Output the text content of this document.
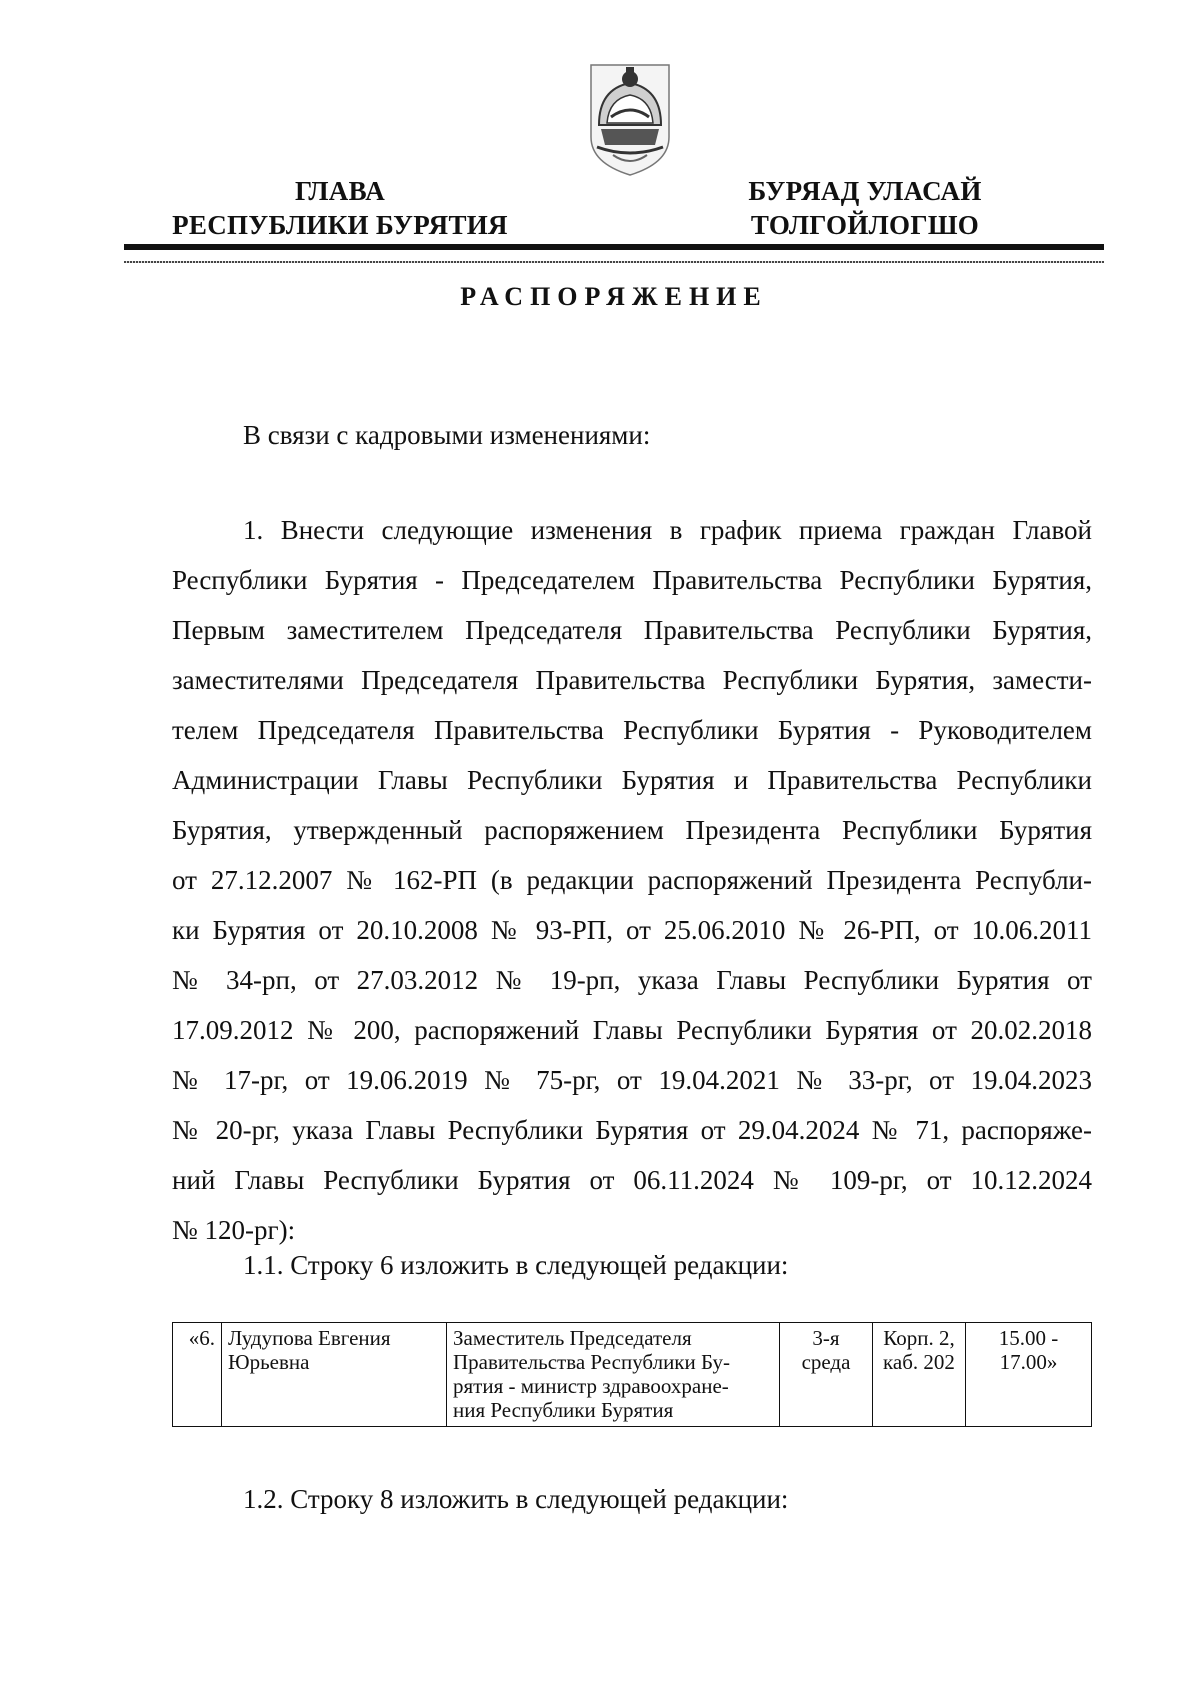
ГЛАВА
РЕСПУБЛИКИ БУРЯТИЯ
БУРЯАД УЛАСАЙ
ТОЛГОЙЛОГШО
РАСПОРЯЖЕНИЕ
В связи с кадровыми изменениями:
1. Внести следующие изменения в график приема граждан Главой
Республики Бурятия - Председателем Правительства Республики Бурятия,
Первым заместителем Председателя Правительства Республики Бурятия,
заместителями Председателя Правительства Республики Бурятия, замести-
телем Председателя Правительства Республики Бурятия - Руководителем
Администрации Главы Республики Бурятия и Правительства Республики
Бурятия, утвержденный распоряжением Президента Республики Бурятия
от 27.12.2007 № 162-РП (в редакции распоряжений Президента Республи-
ки Бурятия от 20.10.2008 № 93-РП, от 25.06.2010 № 26-РП, от 10.06.2011
№ 34-рп, от 27.03.2012 № 19-рп, указа Главы Республики Бурятия от
17.09.2012 № 200, распоряжений Главы Республики Бурятия от 20.02.2018
№ 17-рг, от 19.06.2019 № 75-рг, от 19.04.2021 № 33-рг, от 19.04.2023
№ 20-рг, указа Главы Республики Бурятия от 29.04.2024 № 71, распоряже-
ний Главы Республики Бурятия от 06.11.2024 № 109-рг, от 10.12.2024
№ 120-рг):
1.1. Строку 6 изложить в следующей редакции:
«6.	Лудупова Евгения
Юрьевна

Заместитель Председателя
Правительства Республики Бу-
рятия - министр здравоохране-
ния Республики Бурятия

3-я
среда

Корп. 2,
каб. 202

15.00 -
17.00»
1.2. Строку 8 изложить в следующей редакции:
